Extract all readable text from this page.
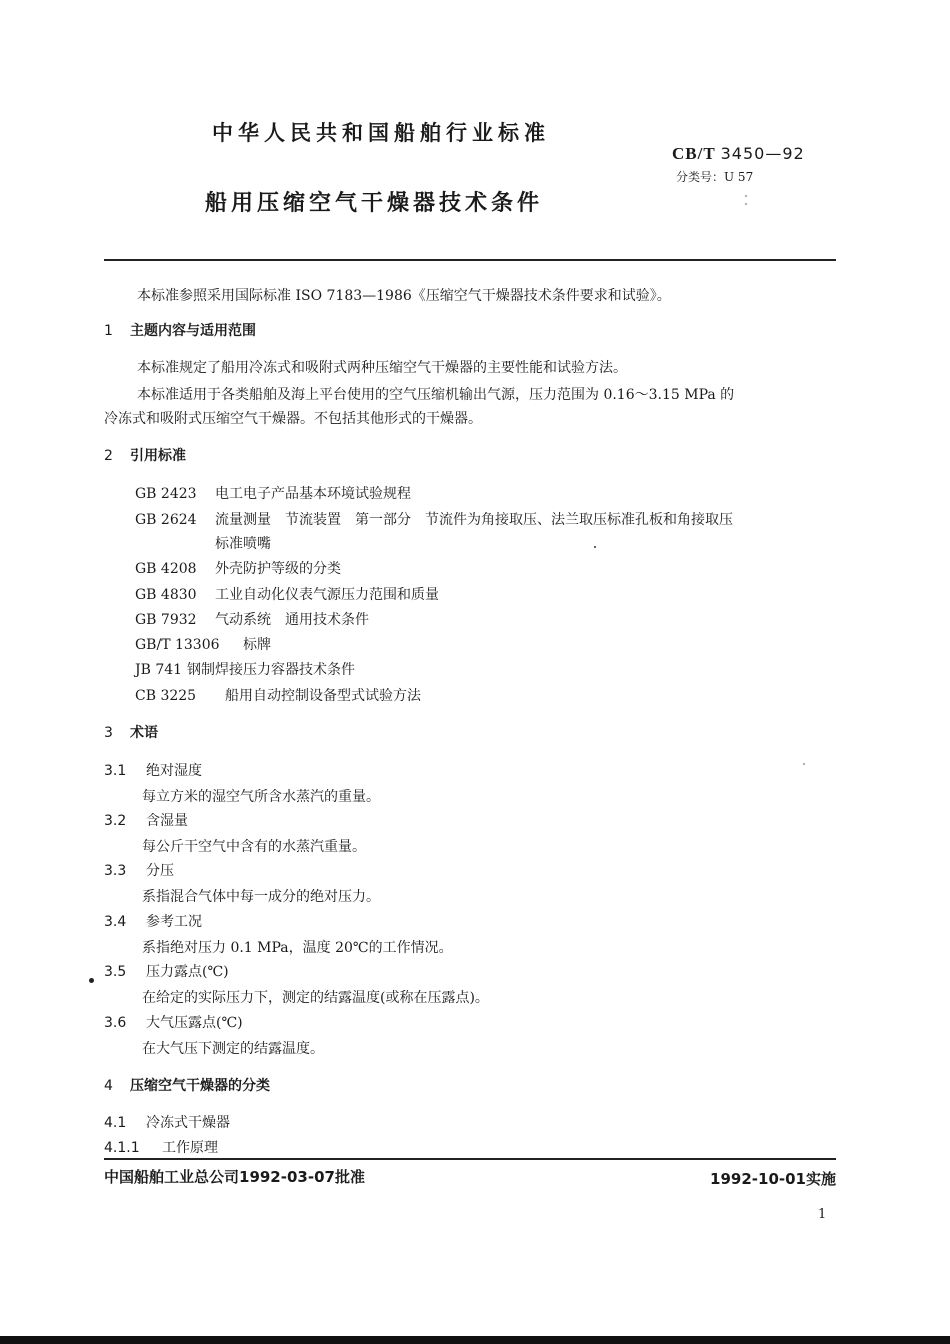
中华人民共和国船舶行业标准
CB/T 3450—92
分类号：U 57
船用压缩空气干燥器技术条件
本标准参照采用国际标准 ISO 7183—1986《压缩空气干燥器技术条件要求和试验》。
1 主题内容与适用范围
本标准规定了船用冷冻式和吸附式两种压缩空气干燥器的主要性能和试验方法。
本标准适用于各类船舶及海上平台使用的空气压缩机输出气源，压力范围为 0.16～3.15 MPa 的
冷冻式和吸附式压缩空气干燥器。不包括其他形式的干燥器。
2 引用标准
GB 2423 电工电子产品基本环境试验规程
GB 2624 流量测量　节流装置　第一部分　节流件为角接取压、法兰取压标准孔板和角接取压
标准喷嘴
GB 4208 外壳防护等级的分类
GB 4830 工业自动化仪表气源压力范围和质量
GB 7932 气动系统　通用技术条件
GB/T 13306 标牌
JB 741 钢制焊接压力容器技术条件
CB 3225 船用自动控制设备型式试验方法
3 术语
3.1 绝对湿度
每立方米的湿空气所含水蒸汽的重量。
3.2 含湿量
每公斤干空气中含有的水蒸汽重量。
3.3 分压
系指混合气体中每一成分的绝对压力。
3.4 参考工况
系指绝对压力 0.1 MPa，温度 20℃的工作情况。
3.5 压力露点(℃)
在给定的实际压力下，测定的结露温度(或称在压露点)。
3.6 大气压露点(℃)
在大气压下测定的结露温度。
4 压缩空气干燥器的分类
4.1 冷冻式干燥器
4.1.1 工作原理
中国船舶工业总公司1992-03-07批准	1992-10-01实施
1
